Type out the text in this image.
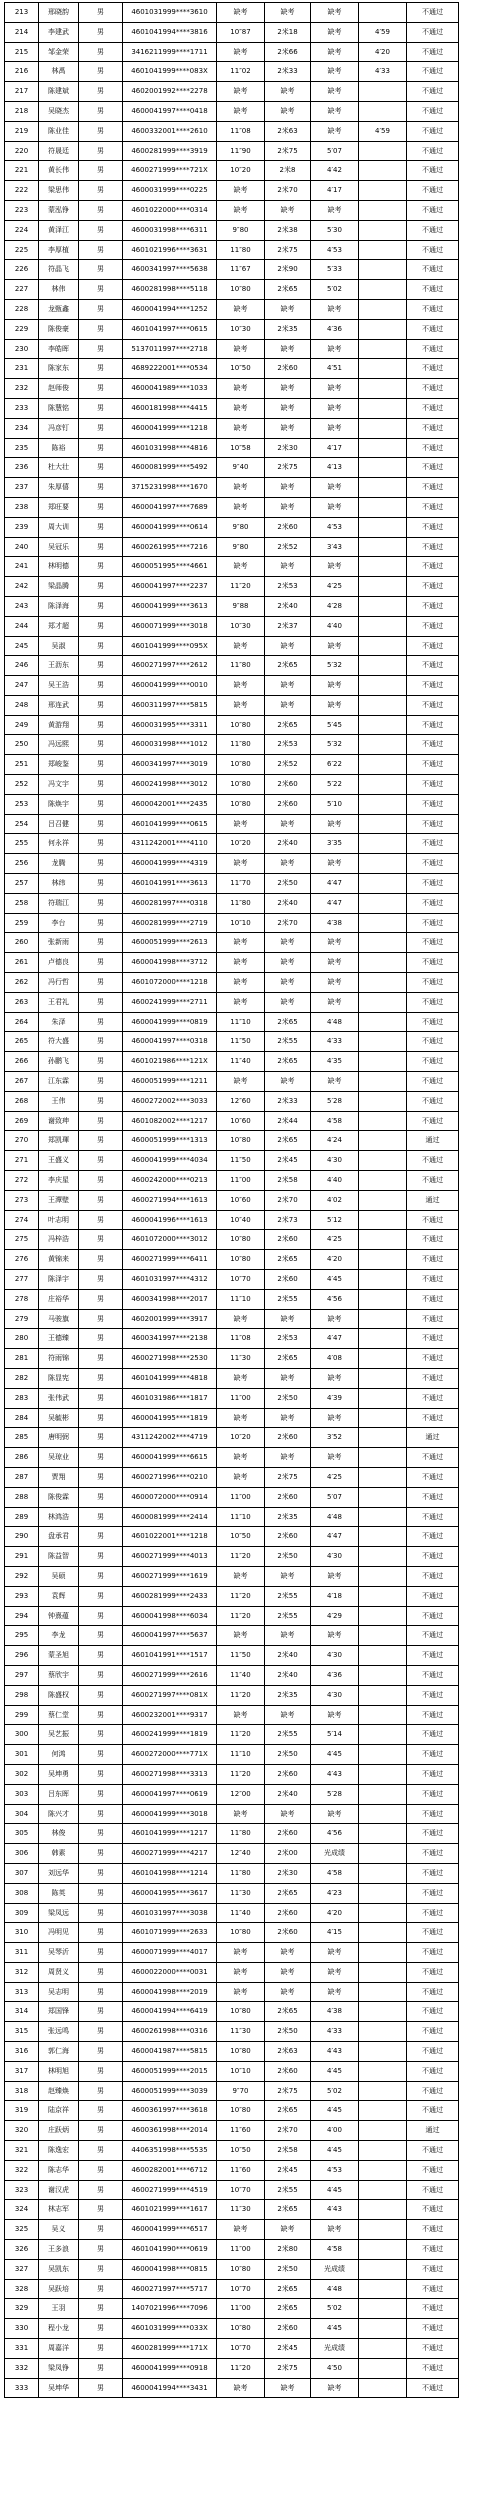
213	邢晓韵	男	4601031999****3610	缺考	缺考	缺考		不通过
214	李建武	男	4601041994****3816	10″87	2米18	缺考	4′59	不通过
215	邹金荣	男	3416211999****1711	缺考	2米66	缺考	4′20	不通过
216	林禹	男	4601041999****083X	11″02	2米33	缺考	4′33	不通过
217	陈建斌	男	4602001992****2278	缺考	缺考	缺考		不通过
218	吴晓杰	男	4600041997****0418	缺考	缺考	缺考		不通过
219	陈业佳	男	4600332001****2610	11″08	2米63	缺考	4′59	不通过
220	符晟廷	男	4600281999****3919	11″90	2米75	5′07		不通过
221	黄长伟	男	4600271999****721X	10″20	2米8	4′42		不通过
222	梁思伟	男	4600031999****0225	缺考	2米70	4′17		不通过
223	蒙泓铮	男	4601022000****0314	缺考	缺考	缺考		不通过
224	黄泽江	男	4600031998****6311	9″80	2米38	5′30		不通过
225	李厚植	男	4601021996****3631	11″80	2米75	4′53		不通过
226	符晶飞	男	4600341997****5638	11″67	2米90	5′33		不通过
227	林伟	男	4600281998****5118	10″80	2米65	5′02		不通过
228	龙甄鑫	男	4600041994****1252	缺考	缺考	缺考		不通过
229	陈俊豪	男	4601041997****0615	10″30	2米35	4′36		不通过
230	李皓晖	男	5137011997****2718	缺考	缺考	缺考		不通过
231	陈家东	男	4689222001****0534	10″50	2米60	4′51		不通过
232	赵师俊	男	4600041989****1033	缺考	缺考	缺考		不通过
233	陈慧铭	男	4600181998****4415	缺考	缺考	缺考		不通过
234	冯彦钉	男	4600041999****1218	缺考	缺考	缺考		不通过
235	陈裕	男	4601031998****4816	10″58	2米30	4′17		不通过
236	杜大壮	男	4600081999****5492	9″40	2米75	4′13		不通过
237	朱厚僖	男	3715231998****1670	缺考	缺考	缺考		不通过
238	郑旺要	男	4600041997****7689	缺考	缺考	缺考		不通过
239	周大训	男	4600041999****0614	9″80	2米60	4′53		不通过
240	吴冠乐	男	4600261995****7216	9″80	2米52	3′43		不通过
241	林明德	男	4600051995****4661	缺考	缺考	缺考		不通过
242	梁晶腾	男	4600041997****2237	11″20	2米53	4′25		不通过
243	陈泽海	男	4600041999****3613	9″88	2米40	4′28		不通过
244	郑才超	男	4600071999****3018	10″30	2米37	4′40		不通过
245	吴淑	男	4601041999****095X	缺考	缺考	缺考		不通过
246	王沥东	男	4600271997****2612	11″80	2米65	5′32		不通过
247	吴王浩	男	4600041999****0010	缺考	缺考	缺考		不通过
248	邢连武	男	4600311997****5815	缺考	缺考	缺考		不通过
249	黄游翔	男	4600031995****3311	10″80	2米65	5′45		不通过
250	冯远熙	男	4600031998****1012	11″80	2米53	5′32		不通过
251	郑峻鉴	男	4600341997****3019	10″80	2米52	6′22		不通过
252	冯文宇	男	4600241998****3012	10″80	2米60	5′22		不通过
253	陈焕宇	男	4600042001****2435	10″80	2米60	5′10		不通过
254	吕召健	男	4601041999****0615	缺考	缺考	缺考		不通过
255	何永祥	男	4311242001****4110	10″20	2米40	3′35		不通过
256	龙腾	男	4600041999****4319	缺考	缺考	缺考		不通过
257	林纬	男	4601041991****3613	11″70	2米50	4′47		不通过
258	符瑞江	男	4600281997****0318	11″80	2米40	4′47		不通过
259	李台	男	4600281999****2719	10″10	2米70	4′38		不通过
260	张新雨	男	4600051999****2613	缺考	缺考	缺考		不通过
261	卢德良	男	4600041998****3712	缺考	缺考	缺考		不通过
262	冯行哲	男	4601072000****1218	缺考	缺考	缺考		不通过
263	王君礼	男	4600241999****2711	缺考	缺考	缺考		不通过
264	朱泽	男	4600041999****0819	11″10	2米65	4′48		不通过
265	符大盛	男	4600041997****0318	11″50	2米55	4′33		不通过
266	孙鹏飞	男	4601021986****121X	11″40	2米65	4′35		不通过
267	江东霖	男	4600051999****1211	缺考	缺考	缺考		不通过
268	王伟	男	4600272002****3033	12″60	2米33	5′28		不通过
269	谢致珅	男	4601082002****1217	10″60	2米44	4′58		不通过
270	郑凯琿	男	4600051999****1313	10″80	2米65	4′24		通过
271	王盛义	男	4600041999****4034	11″50	2米45	4′30		不通过
272	李庆星	男	4600242000****0213	11″00	2米58	4′40		不通过
273	王潭壁	男	4600271994****1613	10″60	2米70	4′02		通过
274	叶志明	男	4600041996****1613	10″40	2米73	5′12		不通过
275	冯梓浩	男	4601072000****3012	10″80	2米60	4′25		不通过
276	黄锦来	男	4600271999****6411	10″80	2米65	4′20		不通过
277	陈泽宇	男	4601031997****4312	10″70	2米60	4′45		不通过
278	庄裕华	男	4600341998****2017	11″10	2米55	4′56		不通过
279	马骏旗	男	4602001999****3917	缺考	缺考	缺考		不通过
280	王德臻	男	4600341997****2138	11″08	2米53	4′47		不通过
281	符雨锦	男	4600271998****2530	11″30	2米65	4′08		不通过
282	陈显宪	男	4601041999****4818	缺考	缺考	缺考		不通过
283	张伟武	男	4601031986****1817	11″00	2米50	4′39		不通过
284	吴毓彬	男	4600041995****1819	缺考	缺考	缺考		不通过
285	唐明弼	男	4311242002****4719	10″20	2米60	3′52		通过
286	吴琼业	男	4600041999****6615	缺考	缺考	缺考		不通过
287	贾翔	男	4600271996****0210	缺考	2米75	4′25		不通过
288	陈俊霖	男	4600072000****0914	11″00	2米60	5′07		不通过
289	林鸿浩	男	4600081999****2414	11″10	2米35	4′48		不通过
290	盘承君	男	4601022001****1218	10″50	2米60	4′47		不通过
291	陈益智	男	4600271999****4013	11″20	2米50	4′30		不通过
292	吴硕	男	4600271999****1619	缺考	缺考	缺考		不通过
293	袁辉	男	4600281999****2433	11″20	2米55	4′18		不通过
294	钟熹蕴	男	4600041998****6034	11″20	2米55	4′29		不通过
295	李龙	男	4600041997****5637	缺考	缺考	缺考		不通过
296	蒙圣旭	男	4601041991****1517	11″50	2米40	4′30		不通过
297	蔡欣宇	男	4600271999****2616	11″40	2米40	4′36		不通过
298	陈盛权	男	4600271997****081X	11″20	2米35	4′30		不通过
299	蔡仁堂	男	4600232001****9317	缺考	缺考	缺考		不通过
300	吴艺振	男	4600241999****1819	11″20	2米55	5′14		不通过
301	何鸿	男	4600272000****771X	11″10	2米50	4′45		不通过
302	吴坤勇	男	4600271998****3313	11″20	2米60	4′43		不通过
303	吕东晖	男	4600041997****0619	12″00	2米40	5′28		不通过
304	陈兴才	男	4600041999****3018	缺考	缺考	缺考		不通过
305	林俊	男	4601041999****1217	11″80	2米60	4′56		不通过
306	韩素	男	4600271999****4217	12″40	2米00	光成绩		不通过
307	刘远华	男	4601041998****1214	11″80	2米30	4′58		不通过
308	陈英	男	4600041995****3617	11″30	2米65	4′23		不通过
309	梁凤远	男	4601031997****3038	11″40	2米60	4′20		不通过
310	冯明见	男	4601071999****2633	10″80	2米60	4′15		不通过
311	吴琴沂	男	4600071999****4017	缺考	缺考	缺考		不通过
312	周贤义	男	4600022000****0031	缺考	缺考	缺考		不通过
313	吴志明	男	4600041998****2019	缺考	缺考	缺考		不通过
314	郑国锋	男	4600041994****6419	10″80	2米65	4′38		不通过
315	张远鸣	男	4600261998****0316	11″30	2米50	4′33		不通过
316	郭仁海	男	4600041987****5815	10″80	2米63	4′43		不通过
317	林明旭	男	4600051999****2015	10″10	2米60	4′45		不通过
318	赵臻焕	男	4600051999****3039	9″70	2米75	5′02		不通过
319	陆京祥	男	4600361997****3618	10″80	2米65	4′45		不通过
320	庄跃炳	男	4600361998****2014	11″60	2米70	4′00		通过
321	陈逸宏	男	4406351998****5535	10″50	2米58	4′45		不通过
322	陈志华	男	4600282001****6712	11″60	2米45	4′53		不通过
323	谢汉虎	男	4600271999****4519	10″70	2米55	4′45		不通过
324	林志军	男	4601021999****1617	11″30	2米65	4′43		不通过
325	吴义	男	4600041999****6517	缺考	缺考	缺考		不通过
326	王多浪	男	4601041990****0619	11″00	2米80	4′58		不通过
327	吴凯东	男	4600041998****0815	10″80	2米50	光成绩		不通过
328	吴跃培	男	4600271997****5717	10″70	2米65	4′48		不通过
329	王羽	男	1407021996****7096	11″00	2米65	5′02		不通过
330	程小龙	男	4601031999****033X	10″80	2米60	4′45		不通过
331	周嘉洋	男	4600281999****171X	10″70	2米45	光成绩		不通过
332	梁凤铮	男	4600041999****0918	11″20	2米75	4′50		不通过
333	吴坤华	男	4600041994****3431	缺考	缺考	缺考		不通过
